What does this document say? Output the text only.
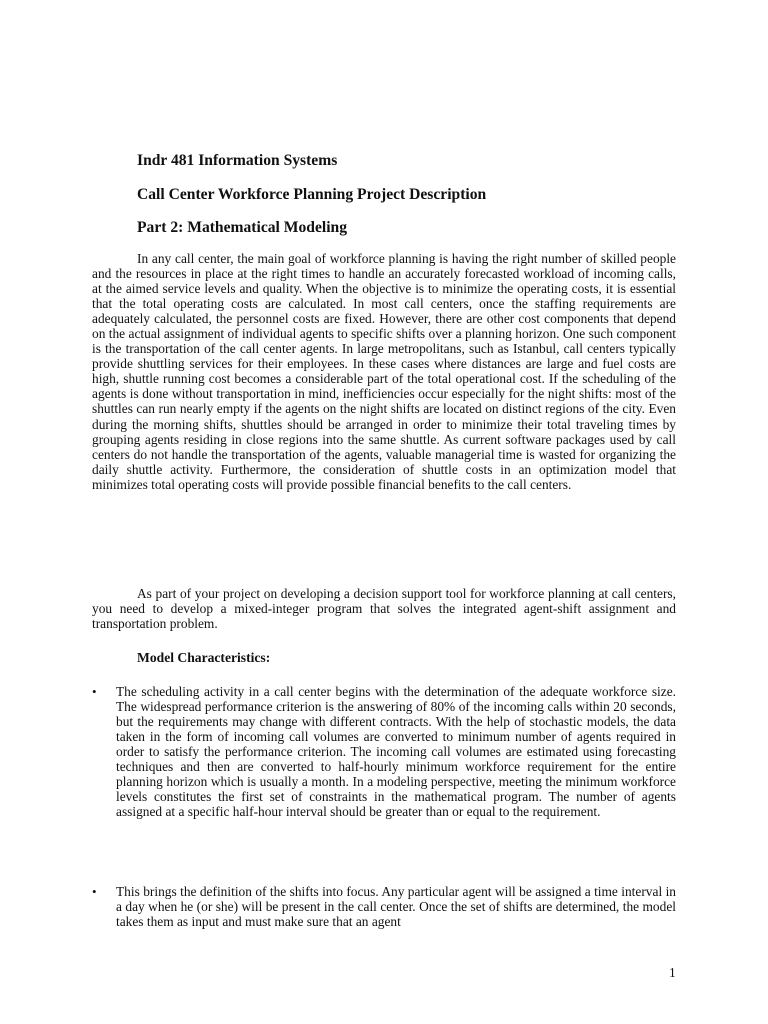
Indr 481 Information Systems
Call Center Workforce Planning Project Description
Part 2: Mathematical Modeling

In any call center, the main goal of workforce planning is having the right number of skilled people and the resources in place at the right times to handle an accurately forecasted workload of incoming calls, at the aimed service levels and quality. When the objective is to minimize the operating costs, it is essential that the total operating costs are calculated. In most call centers, once the staffing requirements are adequately calculated, the personnel costs are fixed. However, there are other cost components that depend on the actual assignment of individual agents to specific shifts over a planning horizon. One such component is the transportation of the call center agents. In large metropolitans, such as Istanbul, call centers typically provide shuttling services for their employees. In these cases where distances are large and fuel costs are high, shuttle running cost becomes a considerable part of the total operational cost. If the scheduling of the agents is done without transportation in mind, inefficiencies occur especially for the night shifts: most of the shuttles can run nearly empty if the agents on the night shifts are located on distinct regions of the city. Even during the morning shifts, shuttles should be arranged in order to minimize their total traveling times by grouping agents residing in close regions into the same shuttle. As current software packages used by call centers do not handle the transportation of the agents, valuable managerial time is wasted for organizing the daily shuttle activity. Furthermore, the consideration of shuttle costs in an optimization model that minimizes total operating costs will provide possible financial benefits to the call centers.

As part of your project on developing a decision support tool for workforce planning at call centers, you need to develop a mixed-integer program that solves the integrated agent-shift assignment and transportation problem.

Model Characteristics:
•	The scheduling activity in a call center begins with the determination of the adequate workforce size. The widespread performance criterion is the answering of 80% of the incoming calls within 20 seconds, but the requirements may change with different contracts. With the help of stochastic models, the data taken in the form of incoming call volumes are converted to minimum number of agents required in order to satisfy the performance criterion. The incoming call volumes are estimated using forecasting techniques and then are converted to half-hourly minimum workforce requirement for the entire planning horizon which is usually a month. In a modeling perspective, meeting the minimum workforce levels constitutes the first set of constraints in the mathematical program. The number of agents assigned at a specific half-hour interval should be greater than or equal to the requirement.

•	This brings the definition of the shifts into focus. Any particular agent will be assigned a time interval in a day when he (or she) will be present in the call center. Once the set of shifts are determined, the model takes them as input and must make sure that an agent

1
